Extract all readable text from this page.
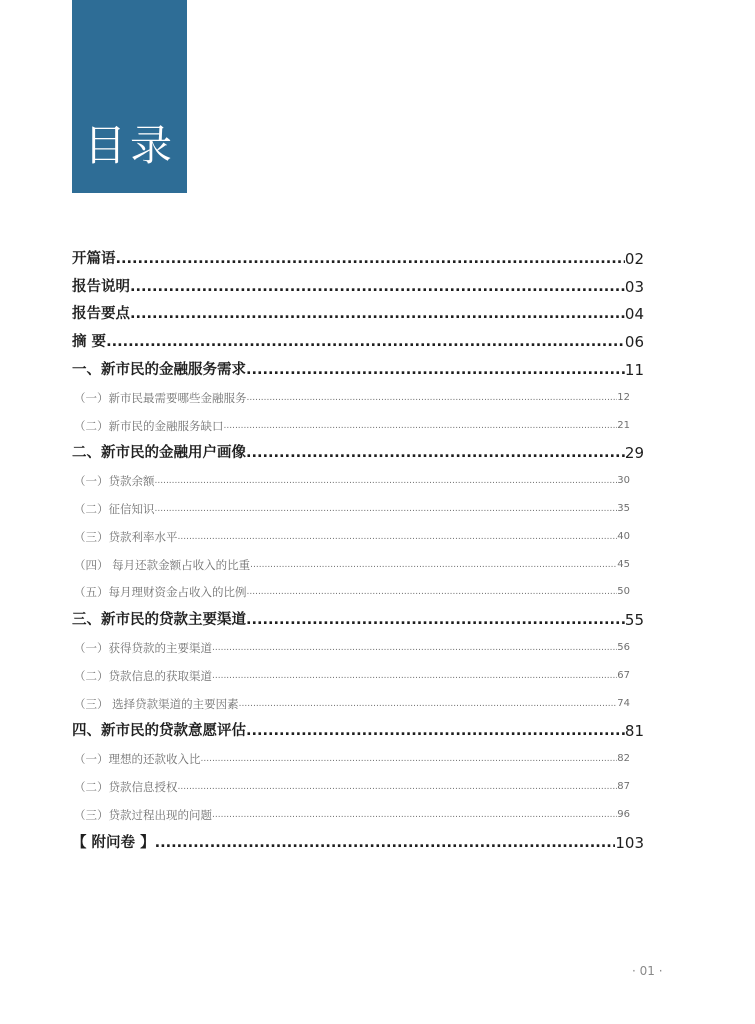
目录
开篇语 .....	02
报告说明 .....	03
报告要点 .....	04
摘 要 .....	06
一、新市民的金融服务需求 .....	11
（一）新市民最需要哪些金融服务 .....	12
（二）新市民的金融服务缺口 .....	21
二、新市民的金融用户画像 .....	29
（一）贷款余额 .....	30
（二）征信知识 .....	35
（三）贷款利率水平 .....	40
（四） 每月还款金额占收入的比重 .....	45
（五）每月理财资金占收入的比例 .....	50
三、新市民的贷款主要渠道 .....	55
（一）获得贷款的主要渠道 .....	56
（二）贷款信息的获取渠道 .....	67
（三） 选择贷款渠道的主要因素 .....	74
四、新市民的贷款意愿评估 .....	81
（一）理想的还款收入比 .....	82
（二）贷款信息授权 .....	87
（三）贷款过程出现的问题 .....	96
【 附问卷 】 .....	103
· 01 ·
